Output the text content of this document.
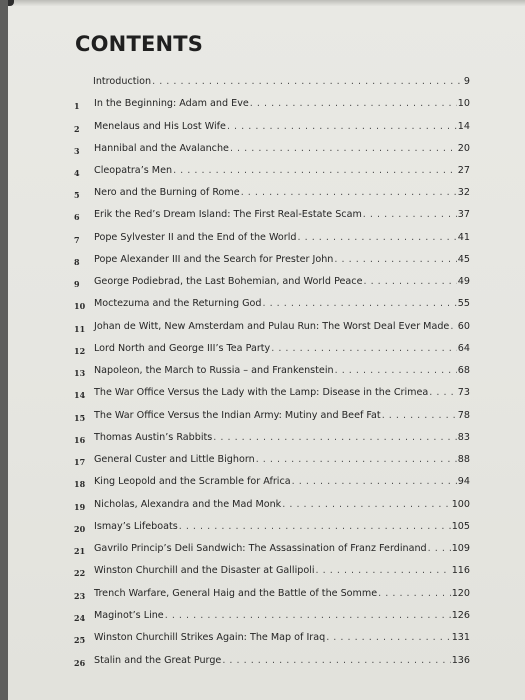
CONTENTS
Introduction . . .	9
1	In the Beginning: Adam and Eve . . .	10
2	Menelaus and His Lost Wife . . .	14
3	Hannibal and the Avalanche . . .	20
4	Cleopatra’s Men . . .	27
5	Nero and the Burning of Rome . . .	32
6	Erik the Red’s Dream Island: The First Real-Estate Scam . . .	37
7	Pope Sylvester II and the End of the World . . .	41
8	Pope Alexander III and the Search for Prester John . . .	45
9	George Podiebrad, the Last Bohemian, and World Peace . . .	49
10 Moctezuma and the Returning God . . .	55
11 Johan de Witt, New Amsterdam and Pulau Run: The Worst Deal Ever Made . . . 60
12 Lord North and George III’s Tea Party . . .	64
13 Napoleon, the March to Russia – and Frankenstein . . .	68
14 The War Office Versus the Lady with the Lamp: Disease in the Crimea . . .	73
15 The War Office Versus the Indian Army: Mutiny and Beef Fat . . .	78
16 Thomas Austin’s Rabbits . . .	83
17 General Custer and Little Bighorn . . .	88
18 King Leopold and the Scramble for Africa . . .	94
19 Nicholas, Alexandra and the Mad Monk . . .	100
20 Ismay’s Lifeboats . . .	105
21 Gavrilo Princip’s Deli Sandwich: The Assassination of Franz Ferdinand . . .	109
22 Winston Churchill and the Disaster at Gallipoli . . .	116
23 Trench Warfare, General Haig and the Battle of the Somme . . .	120
24 Maginot’s Line . . .	126
25 Winston Churchill Strikes Again: The Map of Iraq . . .	131
26 Stalin and the Great Purge . . .	136
